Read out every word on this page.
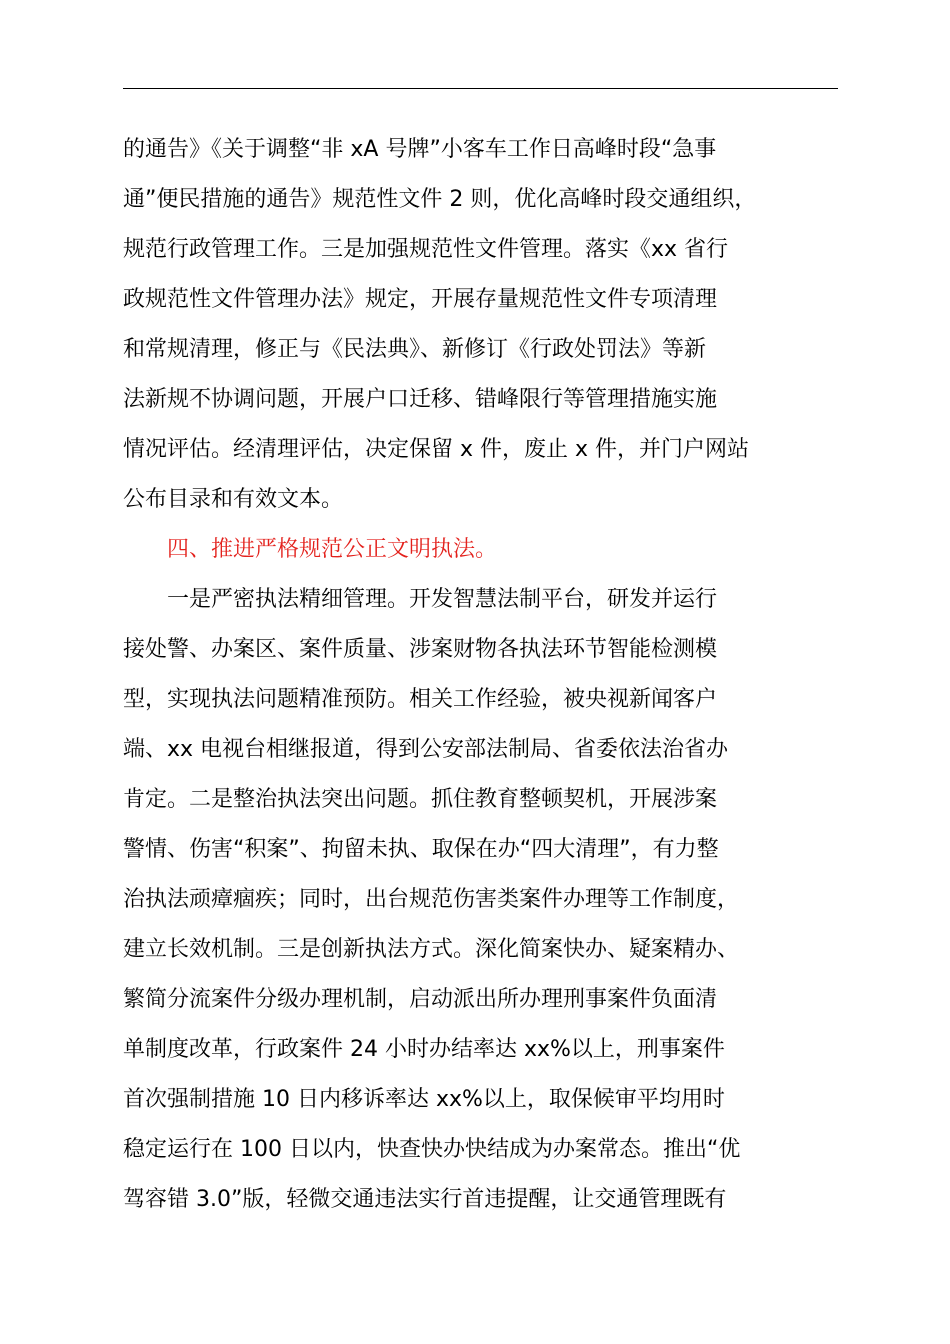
的通告》《关于调整“非 xA 号牌”小客车工作日高峰时段“急事
通”便民措施的通告》规范性文件 2 则，优化高峰时段交通组织，
规范行政管理工作。三是加强规范性文件管理。落实《xx 省行
政规范性文件管理办法》规定，开展存量规范性文件专项清理
和常规清理，修正与《民法典》、新修订《行政处罚法》等新
法新规不协调问题，开展户口迁移、错峰限行等管理措施实施
情况评估。经清理评估，决定保留 x 件，废止 x 件，并门户网站
公布目录和有效文本。
　　四、推进严格规范公正文明执法。
　　一是严密执法精细管理。开发智慧法制平台，研发并运行
接处警、办案区、案件质量、涉案财物各执法环节智能检测模
型，实现执法问题精准预防。相关工作经验，被央视新闻客户
端、xx 电视台相继报道，得到公安部法制局、省委依法治省办
肯定。二是整治执法突出问题。抓住教育整顿契机，开展涉案
警情、伤害“积案”、拘留未执、取保在办“四大清理”，有力整
治执法顽瘴痼疾；同时，出台规范伤害类案件办理等工作制度，
建立长效机制。三是创新执法方式。深化简案快办、疑案精办、
繁简分流案件分级办理机制，启动派出所办理刑事案件负面清
单制度改革，行政案件 24 小时办结率达 xx%以上，刑事案件
首次强制措施 10 日内移诉率达 xx%以上，取保候审平均用时
稳定运行在 100 日以内，快查快办快结成为办案常态。推出“优
驾容错 3.0”版，轻微交通违法实行首违提醒，让交通管理既有
